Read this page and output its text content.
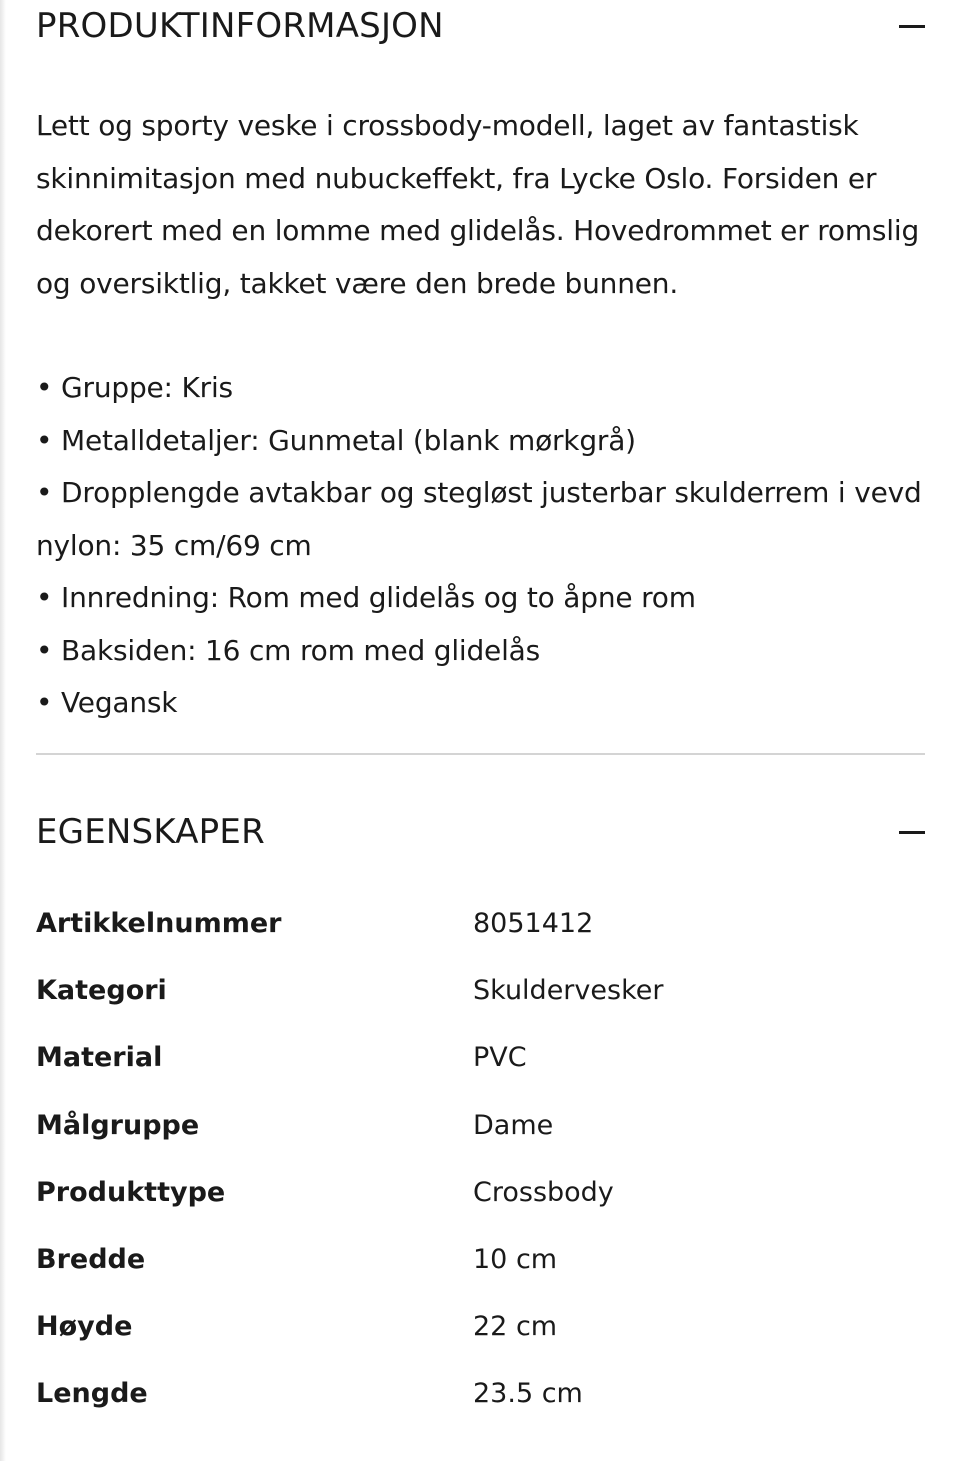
PRODUKTINFORMASJON

Lett og sporty veske i crossbody-modell, laget av fantastisk skinnimitasjon med nubuckeffekt, fra Lycke Oslo. Forsiden er dekorert med en lomme med glidelås. Hovedrommet er romslig og oversiktlig, takket være den brede bunnen.

• Gruppe: Kris
• Metalldetaljer: Gunmetal (blank mørkgrå)
• Dropplengde avtakbar og stegløst justerbar skulderrem i vevd nylon: 35 cm/69 cm
• Innredning: Rom med glidelås og to åpne rom
• Baksiden: 16 cm rom med glidelås
• Vegansk
EGENSKAPER
Artikkelnummer	8051412
Kategori	Skuldervesker
Material	PVC
Målgruppe	Dame
Produkttype	Crossbody
Bredde	10 cm
Høyde	22 cm
Lengde	23.5 cm
